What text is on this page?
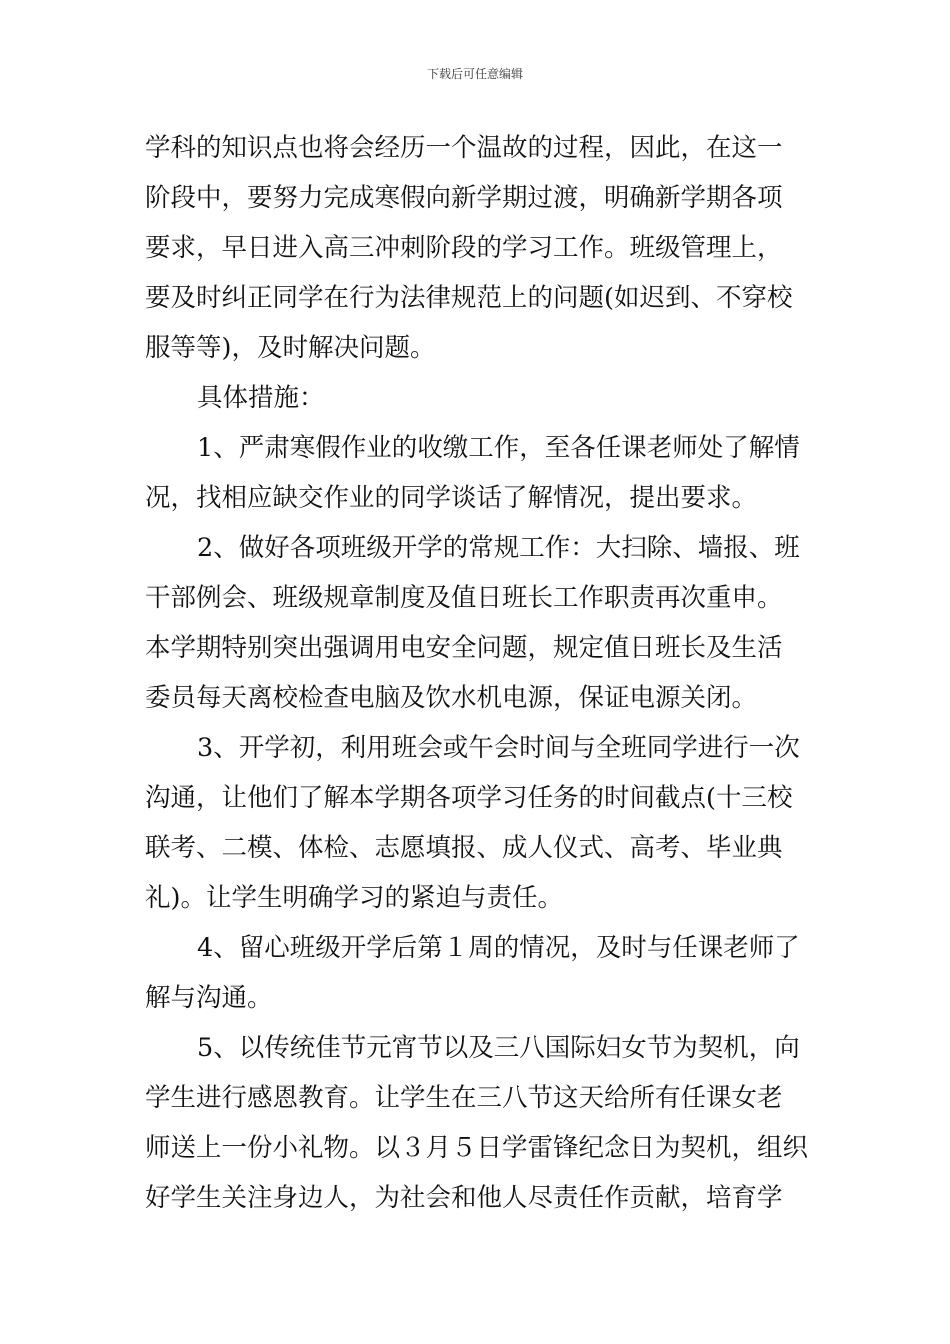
下载后可任意编辑
学科的知识点也将会经历一个温故的过程，因此，在这一
阶段中，要努力完成寒假向新学期过渡，明确新学期各项
要求，早日进入高三冲刺阶段的学习工作。班级管理上，
要及时纠正同学在行为法律规范上的问题(如迟到、不穿校
服等等)，及时解决问题。
具体措施：
1、严肃寒假作业的收缴工作，至各任课老师处了解情
况，找相应缺交作业的同学谈话了解情况，提出要求。
2、做好各项班级开学的常规工作：大扫除、墙报、班
干部例会、班级规章制度及值日班长工作职责再次重申。
本学期特别突出强调用电安全问题，规定值日班长及生活
委员每天离校检查电脑及饮水机电源，保证电源关闭。
3、开学初，利用班会或午会时间与全班同学进行一次
沟通，让他们了解本学期各项学习任务的时间截点(十三校
联考、二模、体检、志愿填报、成人仪式、高考、毕业典
礼)。让学生明确学习的紧迫与责任。
4、留心班级开学后第１周的情况，及时与任课老师了
解与沟通。
5、以传统佳节元宵节以及三八国际妇女节为契机，向
学生进行感恩教育。让学生在三八节这天给所有任课女老
师送上一份小礼物。以３月５日学雷锋纪念日为契机，组织
好学生关注身边人，为社会和他人尽责任作贡献，培育学
